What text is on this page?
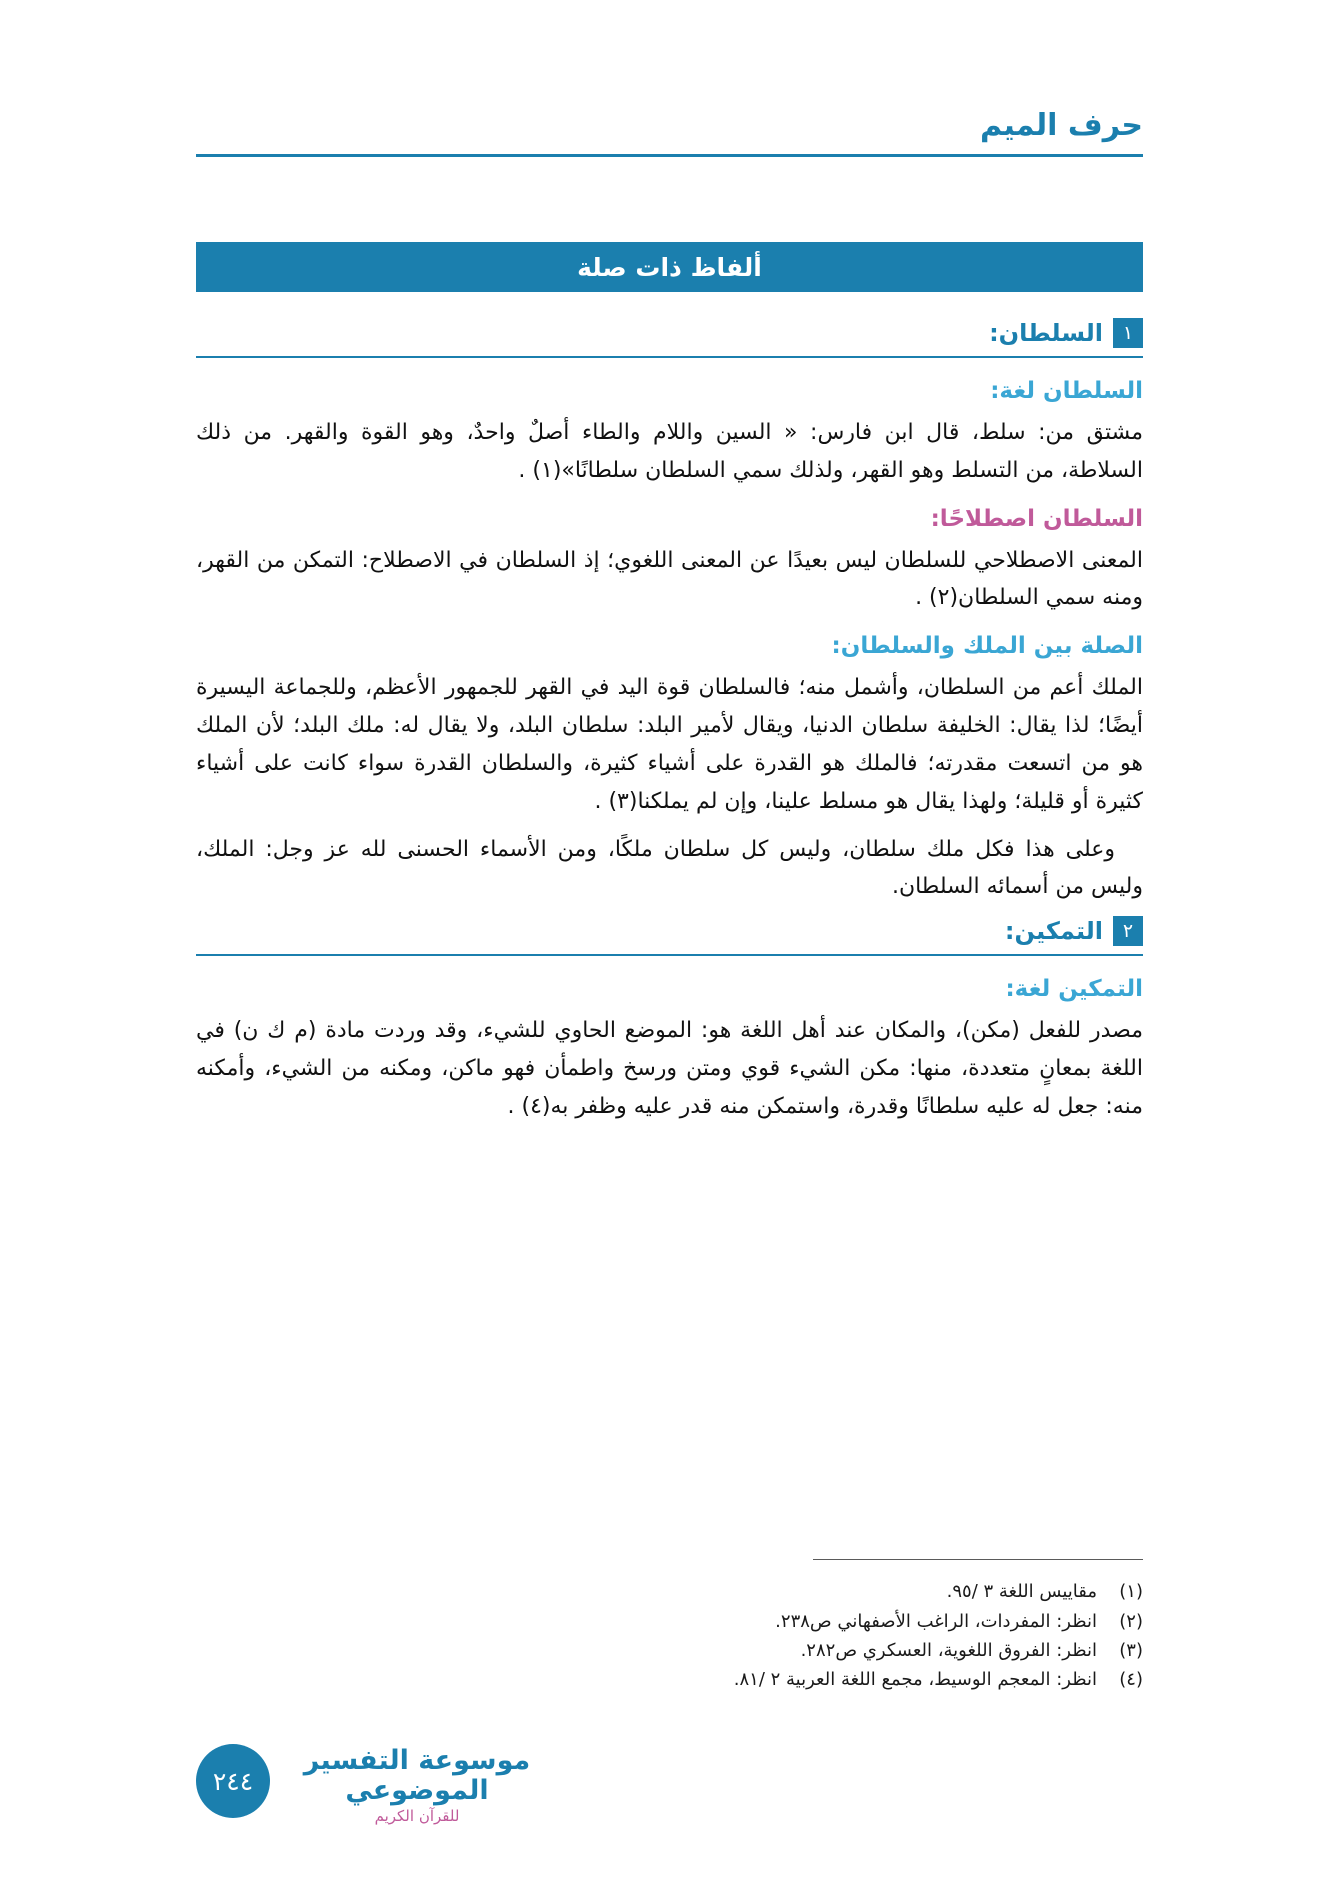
حرف الميم
ألفاظ ذات صلة
١
السلطان:
السلطان لغة:

مشتق من: سلط، قال ابن فارس: « السين واللام والطاء أصلٌ واحدٌ، وهو القوة والقهر. من ذلك السلاطة، من التسلط وهو القهر، ولذلك سمي السلطان سلطانًا»(١) .

السلطان اصطلاحًا:

المعنى الاصطلاحي للسلطان ليس بعيدًا عن المعنى اللغوي؛ إذ السلطان في الاصطلاح: التمكن من القهر، ومنه سمي السلطان(٢) .

الصلة بين الملك والسلطان:

الملك أعم من السلطان، وأشمل منه؛ فالسلطان قوة اليد في القهر للجمهور الأعظم، وللجماعة اليسيرة أيضًا؛ لذا يقال: الخليفة سلطان الدنيا، ويقال لأمير البلد: سلطان البلد، ولا يقال له: ملك البلد؛ لأن الملك هو من اتسعت مقدرته؛ فالملك هو القدرة على أشياء كثيرة، والسلطان القدرة سواء كانت على أشياء كثيرة أو قليلة؛ ولهذا يقال هو مسلط علينا، وإن لم يملكنا(٣) .

وعلى هذا فكل ملك سلطان، وليس كل سلطان ملكًا، ومن الأسماء الحسنى لله عز وجل: الملك، وليس من أسمائه السلطان.

٢
التمكين:
التمكين لغة:

مصدر للفعل (مكن)، والمكان عند أهل اللغة هو: الموضع الحاوي للشيء، وقد وردت مادة (م ك ن) في اللغة بمعانٍ متعددة، منها: مكن الشيء قوي ومتن ورسخ واطمأن فهو ماكن، ومكنه من الشيء، وأمكنه منه: جعل له عليه سلطانًا وقدرة، واستمكن منه قدر عليه وظفر به(٤) .

(١)مقاييس اللغة ٣ /٩٥.
(٢)انظر: المفردات، الراغب الأصفهاني ص٢٣٨.
(٣)انظر: الفروق اللغوية، العسكري ص٢٨٢.
(٤)انظر: المعجم الوسيط، مجمع اللغة العربية ٢ /٨١.
موسوعة التفسير الموضوعي
للقرآن الكريم
٢٤٤
